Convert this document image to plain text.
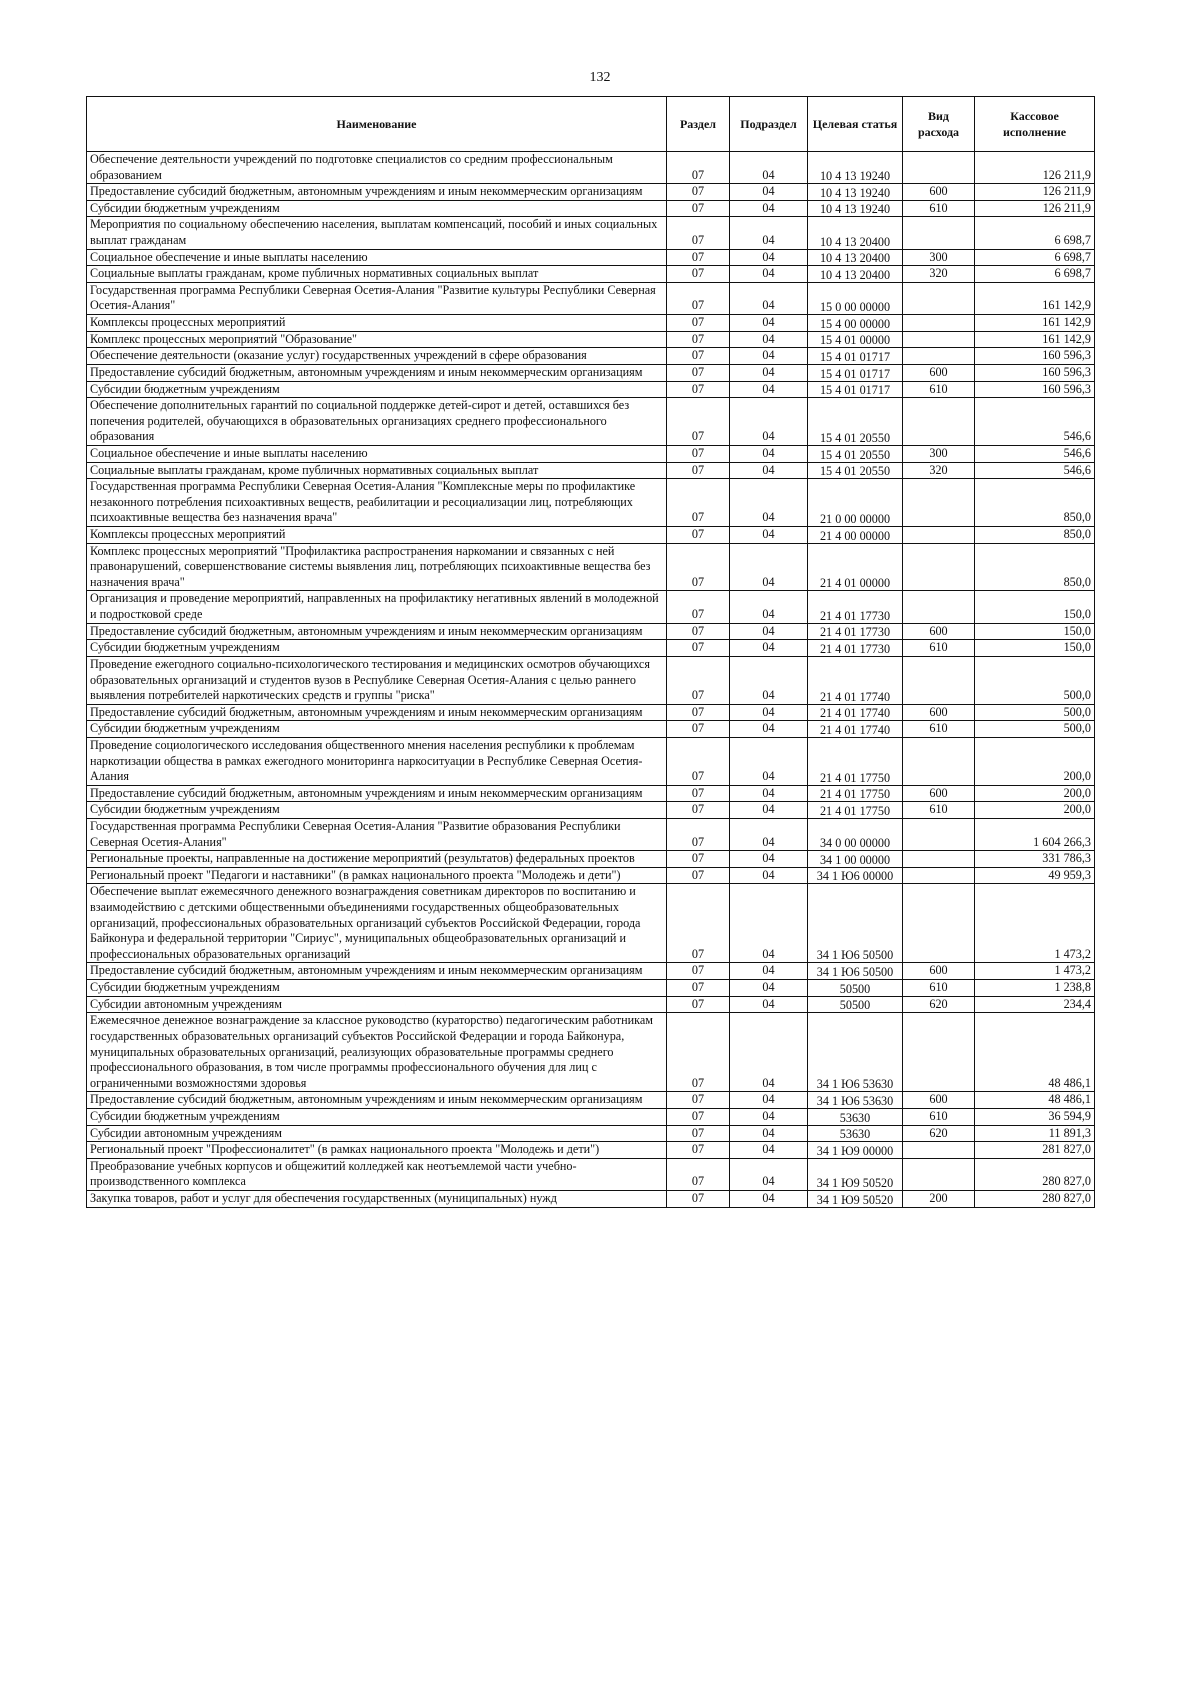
132
Наименование	Раздел	Подраздел	Целевая статья	Вид расхода	Кассовое исполнение
Обеспечение деятельности учреждений по подготовке специалистов со средним профессиональным образованием	07	04	10 4 13 19240		126 211,9
Предоставление субсидий бюджетным, автономным учреждениям и иным некоммерческим организациям	07	04	10 4 13 19240	600	126 211,9
Субсидии бюджетным учреждениям	07	04	10 4 13 19240	610	126 211,9
Мероприятия по социальному обеспечению населения, выплатам компенсаций, пособий и иных социальных выплат гражданам	07	04	10 4 13 20400		6 698,7
Социальное обеспечение и иные выплаты населению	07	04	10 4 13 20400	300	6 698,7
Социальные выплаты гражданам, кроме публичных нормативных социальных выплат	07	04	10 4 13 20400	320	6 698,7
Государственная программа Республики Северная Осетия-Алания "Развитие культуры Республики Северная Осетия-Алания"	07	04	15 0 00 00000		161 142,9
Комплексы процессных мероприятий	07	04	15 4 00 00000		161 142,9
Комплекс процессных мероприятий "Образование"	07	04	15 4 01 00000		161 142,9
Обеспечение деятельности (оказание услуг) государственных учреждений в сфере образования	07	04	15 4 01 01717		160 596,3
Предоставление субсидий бюджетным, автономным учреждениям и иным некоммерческим организациям	07	04	15 4 01 01717	600	160 596,3
Субсидии бюджетным учреждениям	07	04	15 4 01 01717	610	160 596,3
Обеспечение дополнительных гарантий по социальной поддержке детей-сирот и детей, оставшихся без попечения родителей, обучающихся в образовательных организациях среднего профессионального образования	07	04	15 4 01 20550		546,6
Социальное обеспечение и иные выплаты населению	07	04	15 4 01 20550	300	546,6
Социальные выплаты гражданам, кроме публичных нормативных социальных выплат	07	04	15 4 01 20550	320	546,6
Государственная программа Республики Северная Осетия-Алания "Комплексные меры по профилактике незаконного потребления психоактивных веществ, реабилитации и ресоциализации лиц, потребляющих психоактивные вещества без назначения врача"	07	04	21 0 00 00000		850,0
Комплексы процессных мероприятий	07	04	21 4 00 00000		850,0
Комплекс процессных мероприятий "Профилактика распространения наркомании и связанных с ней правонарушений, совершенствование системы выявления лиц, потребляющих психоактивные вещества без назначения врача"	07	04	21 4 01 00000		850,0
Организация и проведение мероприятий, направленных на профилактику негативных явлений в молодежной и подростковой среде	07	04	21 4 01 17730		150,0
Предоставление субсидий бюджетным, автономным учреждениям и иным некоммерческим организациям	07	04	21 4 01 17730	600	150,0
Субсидии бюджетным учреждениям	07	04	21 4 01 17730	610	150,0
Проведение ежегодного социально-психологического тестирования и медицинских осмотров обучающихся образовательных организаций и студентов вузов в Республике Северная Осетия-Алания с целью раннего выявления потребителей наркотических средств и группы "риска"	07	04	21 4 01 17740		500,0
Предоставление субсидий бюджетным, автономным учреждениям и иным некоммерческим организациям	07	04	21 4 01 17740	600	500,0
Субсидии бюджетным учреждениям	07	04	21 4 01 17740	610	500,0
Проведение социологического исследования общественного мнения населения республики к проблемам наркотизации общества в рамках ежегодного мониторинга наркоситуации в Республике Северная Осетия-Алания	07	04	21 4 01 17750		200,0
Предоставление субсидий бюджетным, автономным учреждениям и иным некоммерческим организациям	07	04	21 4 01 17750	600	200,0
Субсидии бюджетным учреждениям	07	04	21 4 01 17750	610	200,0
Государственная программа Республики Северная Осетия-Алания "Развитие образования Республики Северная Осетия-Алания"	07	04	34 0 00 00000		1 604 266,3
Региональные проекты, направленные на достижение мероприятий (результатов) федеральных проектов	07	04	34 1 00 00000		331 786,3
Региональный проект "Педагоги и наставники" (в рамках национального проекта "Молодежь и дети")	07	04	34 1 Ю6 00000		49 959,3
Обеспечение выплат ежемесячного денежного вознаграждения советникам директоров по воспитанию и взаимодействию с детскими общественными объединениями государственных общеобразовательных организаций, профессиональных образовательных организаций субъектов Российской Федерации, города Байконура и федеральной территории "Сириус", муниципальных общеобразовательных организаций и профессиональных образовательных организаций	07	04	34 1 Ю6 50500		1 473,2
Предоставление субсидий бюджетным, автономным учреждениям и иным некоммерческим организациям	07	04	34 1 Ю6 50500	600	1 473,2
Субсидии бюджетным учреждениям	07	04	50500	610	1 238,8
Субсидии автономным учреждениям	07	04	50500	620	234,4
Ежемесячное денежное вознаграждение за классное руководство (кураторство) педагогическим работникам государственных образовательных организаций субъектов Российской Федерации и города Байконура, муниципальных образовательных организаций, реализующих образовательные программы среднего профессионального образования, в том числе программы профессионального обучения для лиц с ограниченными возможностями здоровья	07	04	34 1 Ю6 53630		48 486,1
Предоставление субсидий бюджетным, автономным учреждениям и иным некоммерческим организациям	07	04	34 1 Ю6 53630	600	48 486,1
Субсидии бюджетным учреждениям	07	04	53630	610	36 594,9
Субсидии автономным учреждениям	07	04	53630	620	11 891,3
Региональный проект "Профессионалитет" (в рамках национального проекта "Молодежь и дети")	07	04	34 1 Ю9 00000		281 827,0
Преобразование учебных корпусов и общежитий колледжей как неотъемлемой части учебно-производственного комплекса	07	04	34 1 Ю9 50520		280 827,0
Закупка товаров, работ и услуг для обеспечения государственных (муниципальных) нужд	07	04	34 1 Ю9 50520	200	280 827,0
